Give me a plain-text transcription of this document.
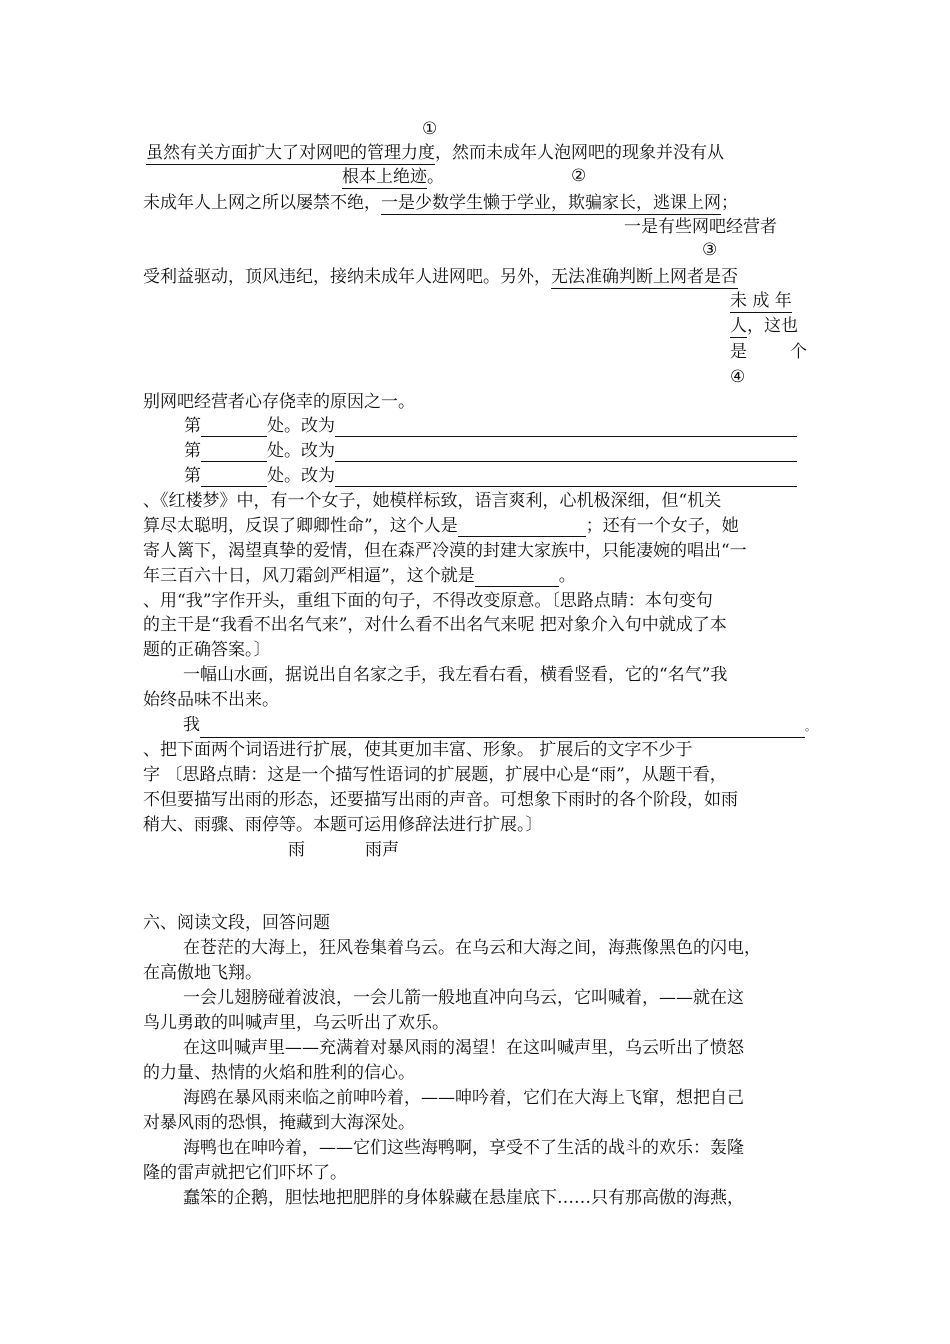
①
②
③
④
虽然有关方面扩大了对网吧的管理力度，然而未成年人泡网吧的现象并没有从
根本上绝迹。
未成年人上网之所以屡禁不绝，一是少数学生懒于学业，欺骗家长，逃课上网；
一是有些网吧经营者
受利益驱动，顶风违纪，接纳未成年人进网吧。另外，无法准确判断上网者是否
未 成 年
人，这也
是	个
别网吧经营者心存侥幸的原因之一。
第	处。改为
第	处。改为
第	处。改为
、《红楼梦》中，有一个女子，她模样标致，语言爽利，心机极深细，但“机关
算尽太聪明，反误了卿卿性命”，这个人是	；还有一个女子，她
寄人篱下，渴望真挚的爱情，但在森严冷漠的封建大家族中，只能凄婉的唱出“一
年三百六十日，风刀霜剑严相逼”，这个就是	。
、用“我”字作开头，重组下面的句子，不得改变原意。〔思路点睛：本句变句
的主干是“我看不出名气来”，对什么看不出名气来呢 把对象介入句中就成了本
题的正确答案。〕
一幅山水画，据说出自名家之手，我左看右看，横看竖看，它的“名气”我
始终品味不出来。
我	。
、把下面两个词语进行扩展，使其更加丰富、形象。 扩展后的文字不少于
字 〔思路点睛：这是一个描写性语词的扩展题，扩展中心是“雨”，从题干看，
不但要描写出雨的形态，还要描写出雨的声音。可想象下雨时的各个阶段，如雨
稍大、雨骤、雨停等。本题可运用修辞法进行扩展。〕
雨	雨声
六、阅读文段，回答问题
在苍茫的大海上，狂风卷集着乌云。在乌云和大海之间，海燕像黑色的闪电，
在高傲地飞翔。
一会儿翅膀碰着波浪，一会儿箭一般地直冲向乌云，它叫喊着，——就在这
鸟儿勇敢的叫喊声里，乌云听出了欢乐。
在这叫喊声里——充满着对暴风雨的渴望！在这叫喊声里，乌云听出了愤怒
的力量、热情的火焰和胜利的信心。
海鸥在暴风雨来临之前呻吟着，——呻吟着，它们在大海上飞窜，想把自己
对暴风雨的恐惧，掩藏到大海深处。
海鸭也在呻吟着，——它们这些海鸭啊，享受不了生活的战斗的欢乐：轰隆
隆的雷声就把它们吓坏了。
蠢笨的企鹅，胆怯地把肥胖的身体躲藏在悬崖底下……只有那高傲的海燕，
